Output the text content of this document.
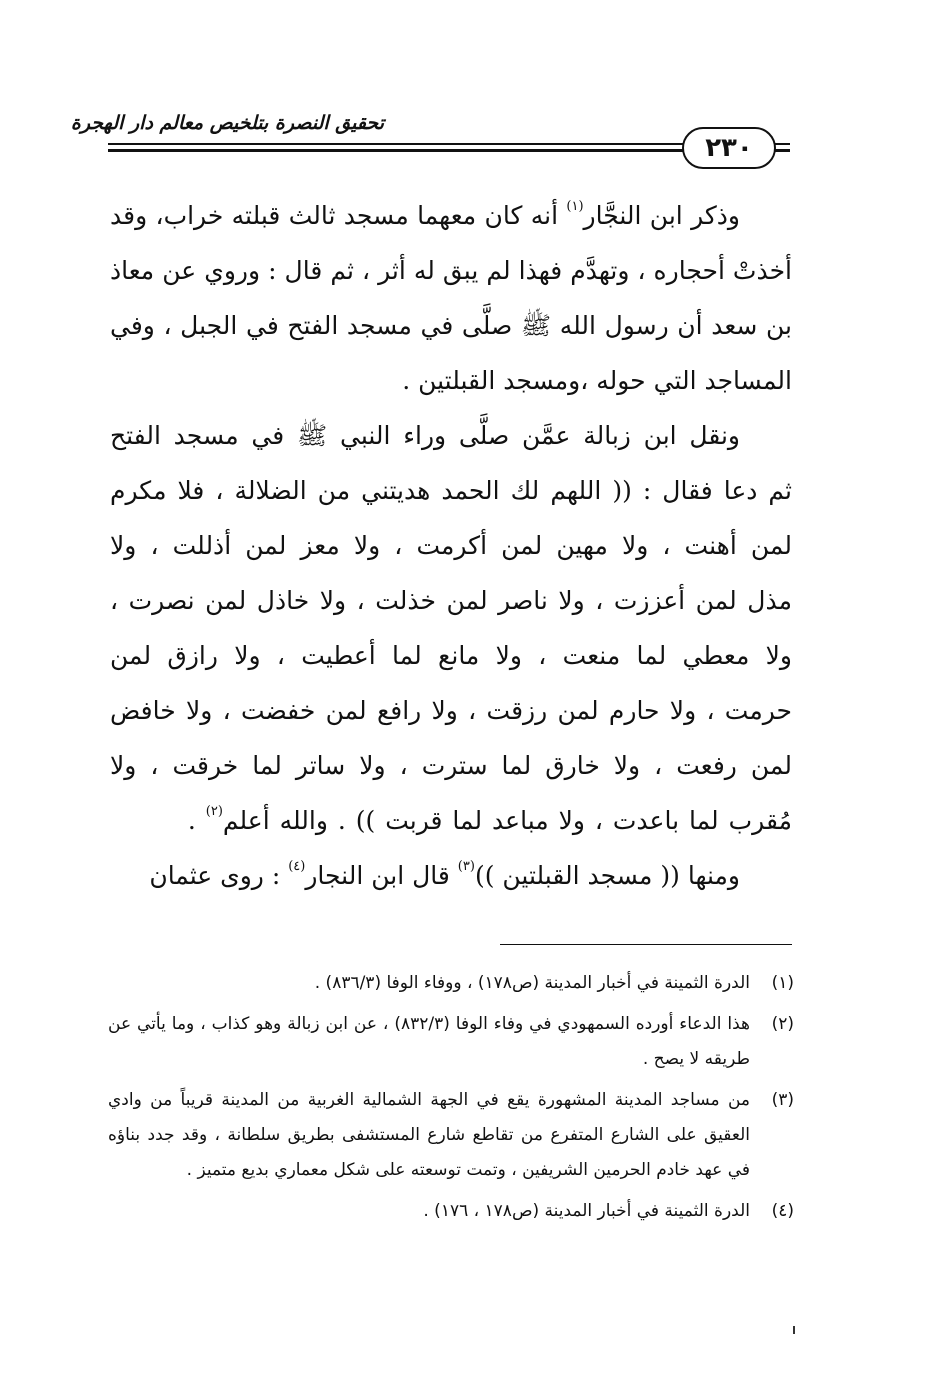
تحقيق النصرة بتلخيص معالم دار الهجرة
٢٣٠

وذكر ابن النجَّار$^{(١)}$ أنه كان معهما مسجد ثالث قبلته خراب، وقد أخذتْ أحجاره ، وتهدَّم فهذا لم يبق له أثر ، ثم قال : وروي عن معاذ بن سعد أن رسول الله ﷺ صلَّى في مسجد الفتح في الجبل ، وفي المساجد التي حوله ،ومسجد القبلتين .

ونقل ابن زبالة عمَّن صلَّى وراء النبي ﷺ في مسجد الفتح ثم دعا فقال : (( اللهم لك الحمد هديتني من الضلالة ، فلا مكرم لمن أهنت ، ولا مهين لمن أكرمت ، ولا معز لمن أذللت ، ولا مذل لمن أعززت ، ولا ناصر لمن خذلت ، ولا خاذل لمن نصرت ، ولا معطي لما منعت ، ولا مانع لما أعطيت ، ولا رازق لمن حرمت ، ولا حارم لمن رزقت ، ولا رافع لمن خفضت ، ولا خافض لمن رفعت ، ولا خارق لما سترت ، ولا ساتر لما خرقت ، ولا مُقرب لما باعدت ، ولا مباعد لما قربت )) . والله أعلم$^{(٢)}$ .

ومنها (( مسجد القبلتين ))$^{(٣)}$ قال ابن النجار$^{(٤)}$ : روى عثمان

(١)
الدرة الثمينة في أخبار المدينة (ص١٧٨) ، ووفاء الوفا (٨٣٦/٣) .
(٢)
هذا الدعاء أورده السمهودي في وفاء الوفا (٨٣٢/٣) ، عن ابن زبالة وهو كذاب ، وما يأتي عن طريقه لا يصح .
(٣)
من مساجد المدينة المشهورة يقع في الجهة الشمالية الغربية من المدينة قريباً من وادي العقيق على الشارع المتفرع من تقاطع شارع المستشفى بطريق سلطانة ، وقد جدد بناؤه في عهد خادم الحرمين الشريفين ، وتمت توسعته على شكل معماري بديع متميز .
(٤)
الدرة الثمينة في أخبار المدينة (ص١٧٨ ، ١٧٦) .
